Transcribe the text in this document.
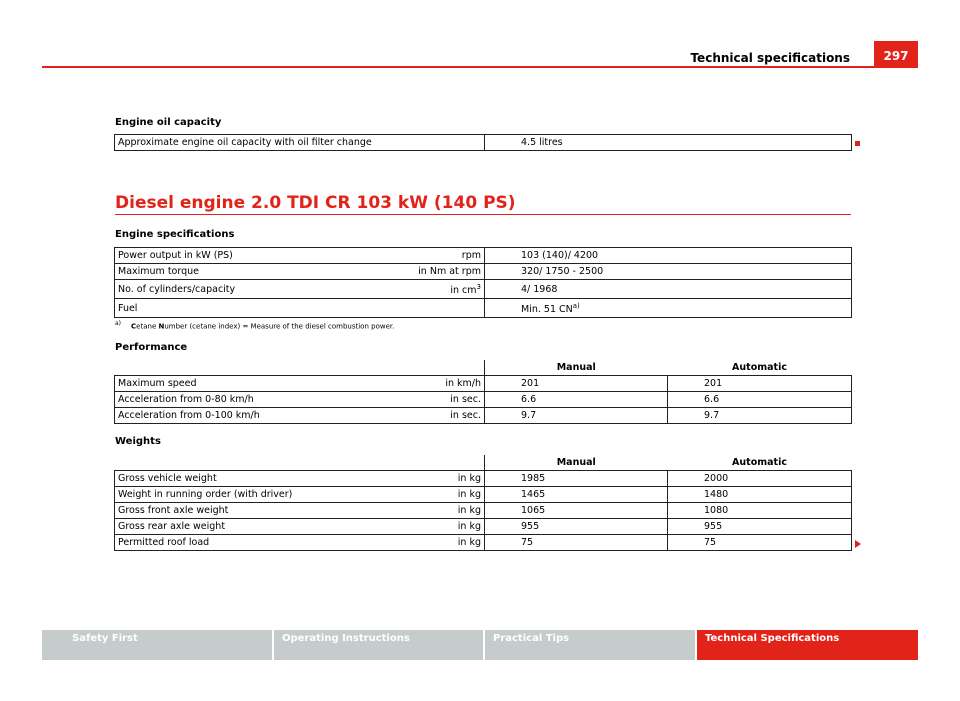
Technical specifications	297
Engine oil capacity
Approximate engine oil capacity with oil filter change	4.5 litres
Diesel engine 2.0 TDI CR 103 kW (140 PS)
Engine specifications
Power output in kW (PS)	rpm	103 (140)/ 4200
Maximum torque	in Nm at rpm	320/ 1750 - 2500
No. of cylinders/capacity	in $cm^3$	4/ 1968
Fuel		Min. 51 CN$^{a)}$
$^{a)}$ Cetane Number (cetane index) = Measure of the diesel combustion power.
Performance
		Manual	Automatic
Maximum speed	in km/h	201	201
Acceleration from 0-80 km/h	in sec.	6.6	6.6
Acceleration from 0-100 km/h	in sec.	9.7	9.7
Weights
		Manual	Automatic
Gross vehicle weight	in kg	1985	2000
Weight in running order (with driver)	in kg	1465	1480
Gross front axle weight	in kg	1065	1080
Gross rear axle weight	in kg	955	955
Permitted roof load	in kg	75	75
Safety First	Operating Instructions	Practical Tips	Technical Specifications
